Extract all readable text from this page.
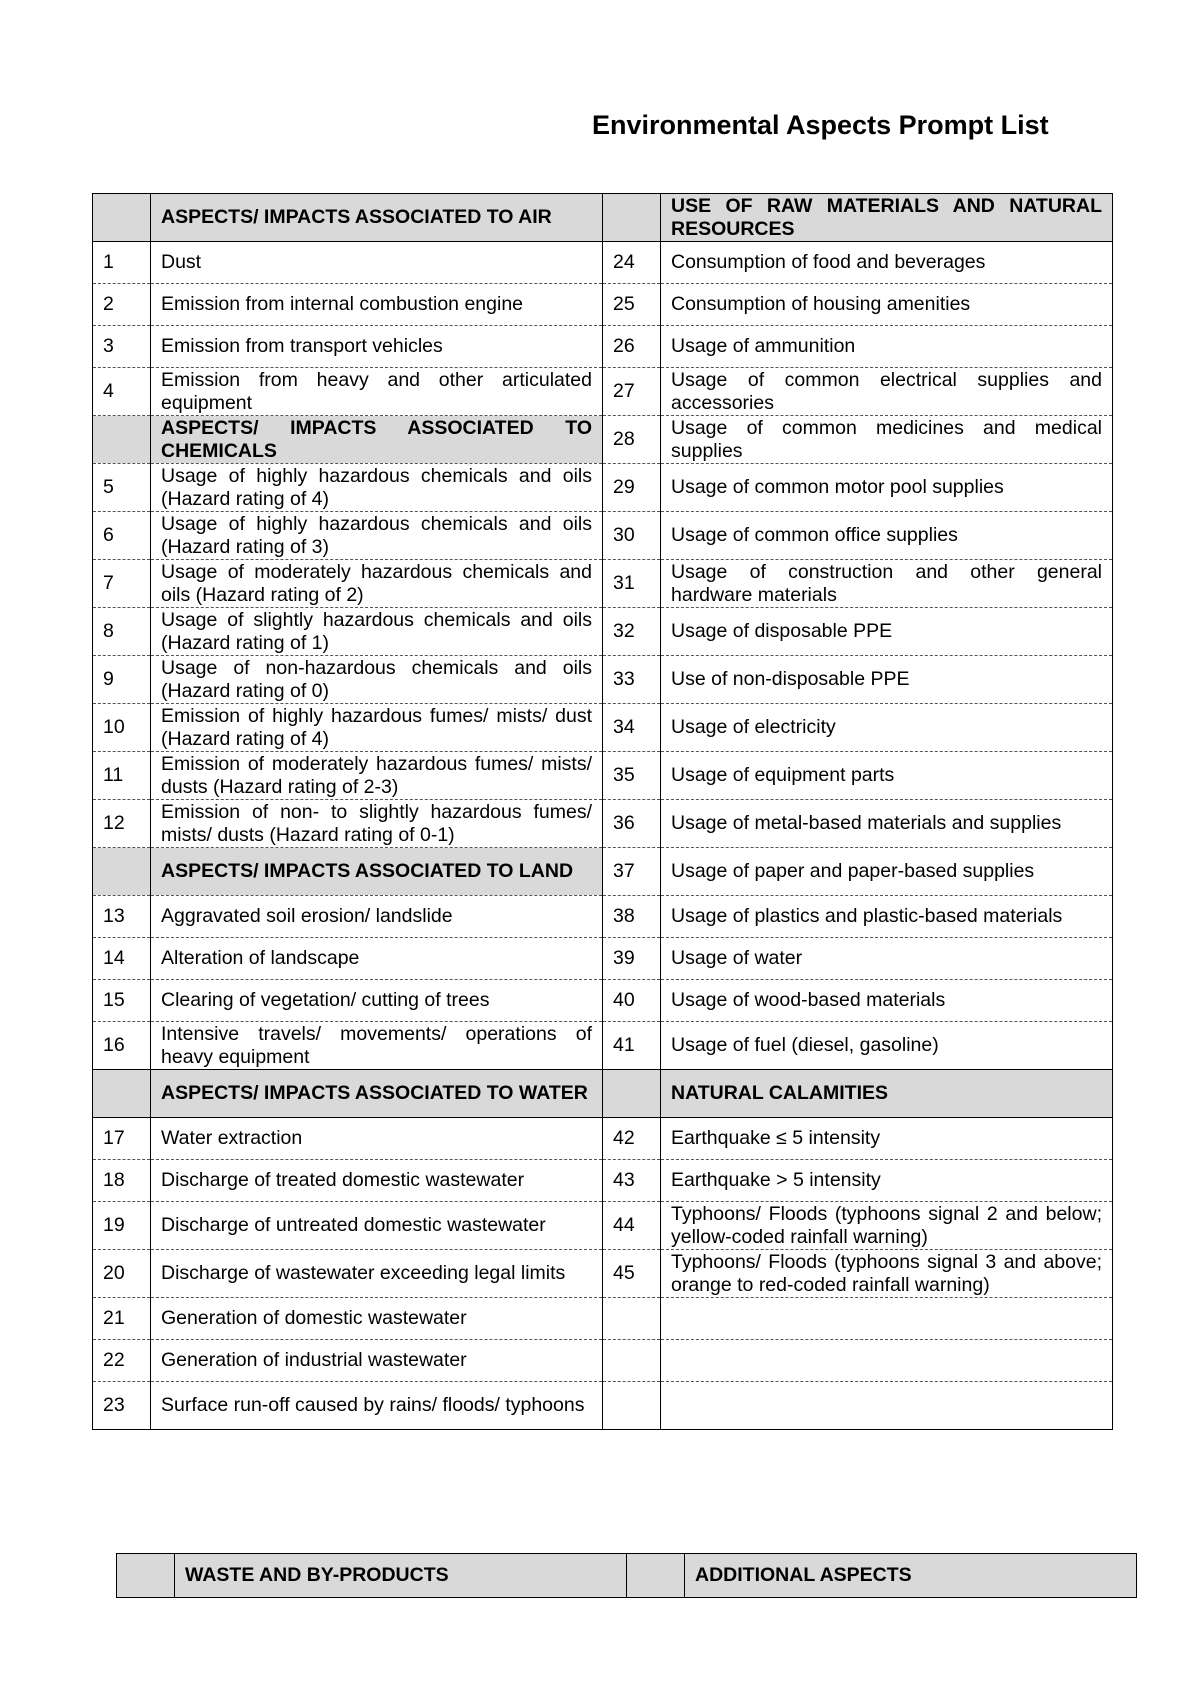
Environmental Aspects Prompt List
	ASPECTS/ IMPACTS ASSOCIATED TO AIR		USE OF RAW MATERIALS AND NATURAL RESOURCES
1	Dust	24	Consumption of food and beverages
2	Emission from internal combustion engine	25	Consumption of housing amenities
3	Emission from transport vehicles	26	Usage of ammunition
4	Emission from heavy and other articulated equipment	27	Usage of common electrical supplies and accessories
	ASPECTS/ IMPACTS ASSOCIATED TO CHEMICALS	28	Usage of common medicines and medical supplies
5	Usage of highly hazardous chemicals and oils (Hazard rating of 4)	29	Usage of common motor pool supplies
6	Usage of highly hazardous chemicals and oils (Hazard rating of 3)	30	Usage of common office supplies
7	Usage of moderately hazardous chemicals and oils (Hazard rating of 2)	31	Usage of construction and other general hardware materials
8	Usage of slightly hazardous chemicals and oils (Hazard rating of 1)	32	Usage of disposable PPE
9	Usage of non-hazardous chemicals and oils (Hazard rating of 0)	33	Use of non-disposable PPE
10	Emission of highly hazardous fumes/ mists/ dust (Hazard rating of 4)	34	Usage of electricity
11	Emission of moderately hazardous fumes/ mists/ dusts (Hazard rating of 2-3)	35	Usage of equipment parts
12	Emission of non- to slightly hazardous fumes/ mists/ dusts (Hazard rating of 0-1)	36	Usage of metal-based materials and supplies
	ASPECTS/ IMPACTS ASSOCIATED TO LAND	37	Usage of paper and paper-based supplies
13	Aggravated soil erosion/ landslide	38	Usage of plastics and plastic-based materials
14	Alteration of landscape	39	Usage of water
15	Clearing of vegetation/ cutting of trees	40	Usage of wood-based materials
16	Intensive travels/ movements/ operations of heavy equipment	41	Usage of fuel (diesel, gasoline)
	ASPECTS/ IMPACTS ASSOCIATED TO WATER		NATURAL CALAMITIES
17	Water extraction	42	Earthquake ≤ 5 intensity
18	Discharge of treated domestic wastewater	43	Earthquake > 5 intensity
19	Discharge of untreated domestic wastewater	44	Typhoons/ Floods (typhoons signal 2 and below; yellow-coded rainfall warning)
20	Discharge of wastewater exceeding legal limits	45	Typhoons/ Floods (typhoons signal 3 and above; orange to red-coded rainfall warning)
21	Generation of domestic wastewater		
22	Generation of industrial wastewater		
23	Surface run-off caused by rains/ floods/ typhoons		
	WASTE AND BY-PRODUCTS		ADDITIONAL ASPECTS
